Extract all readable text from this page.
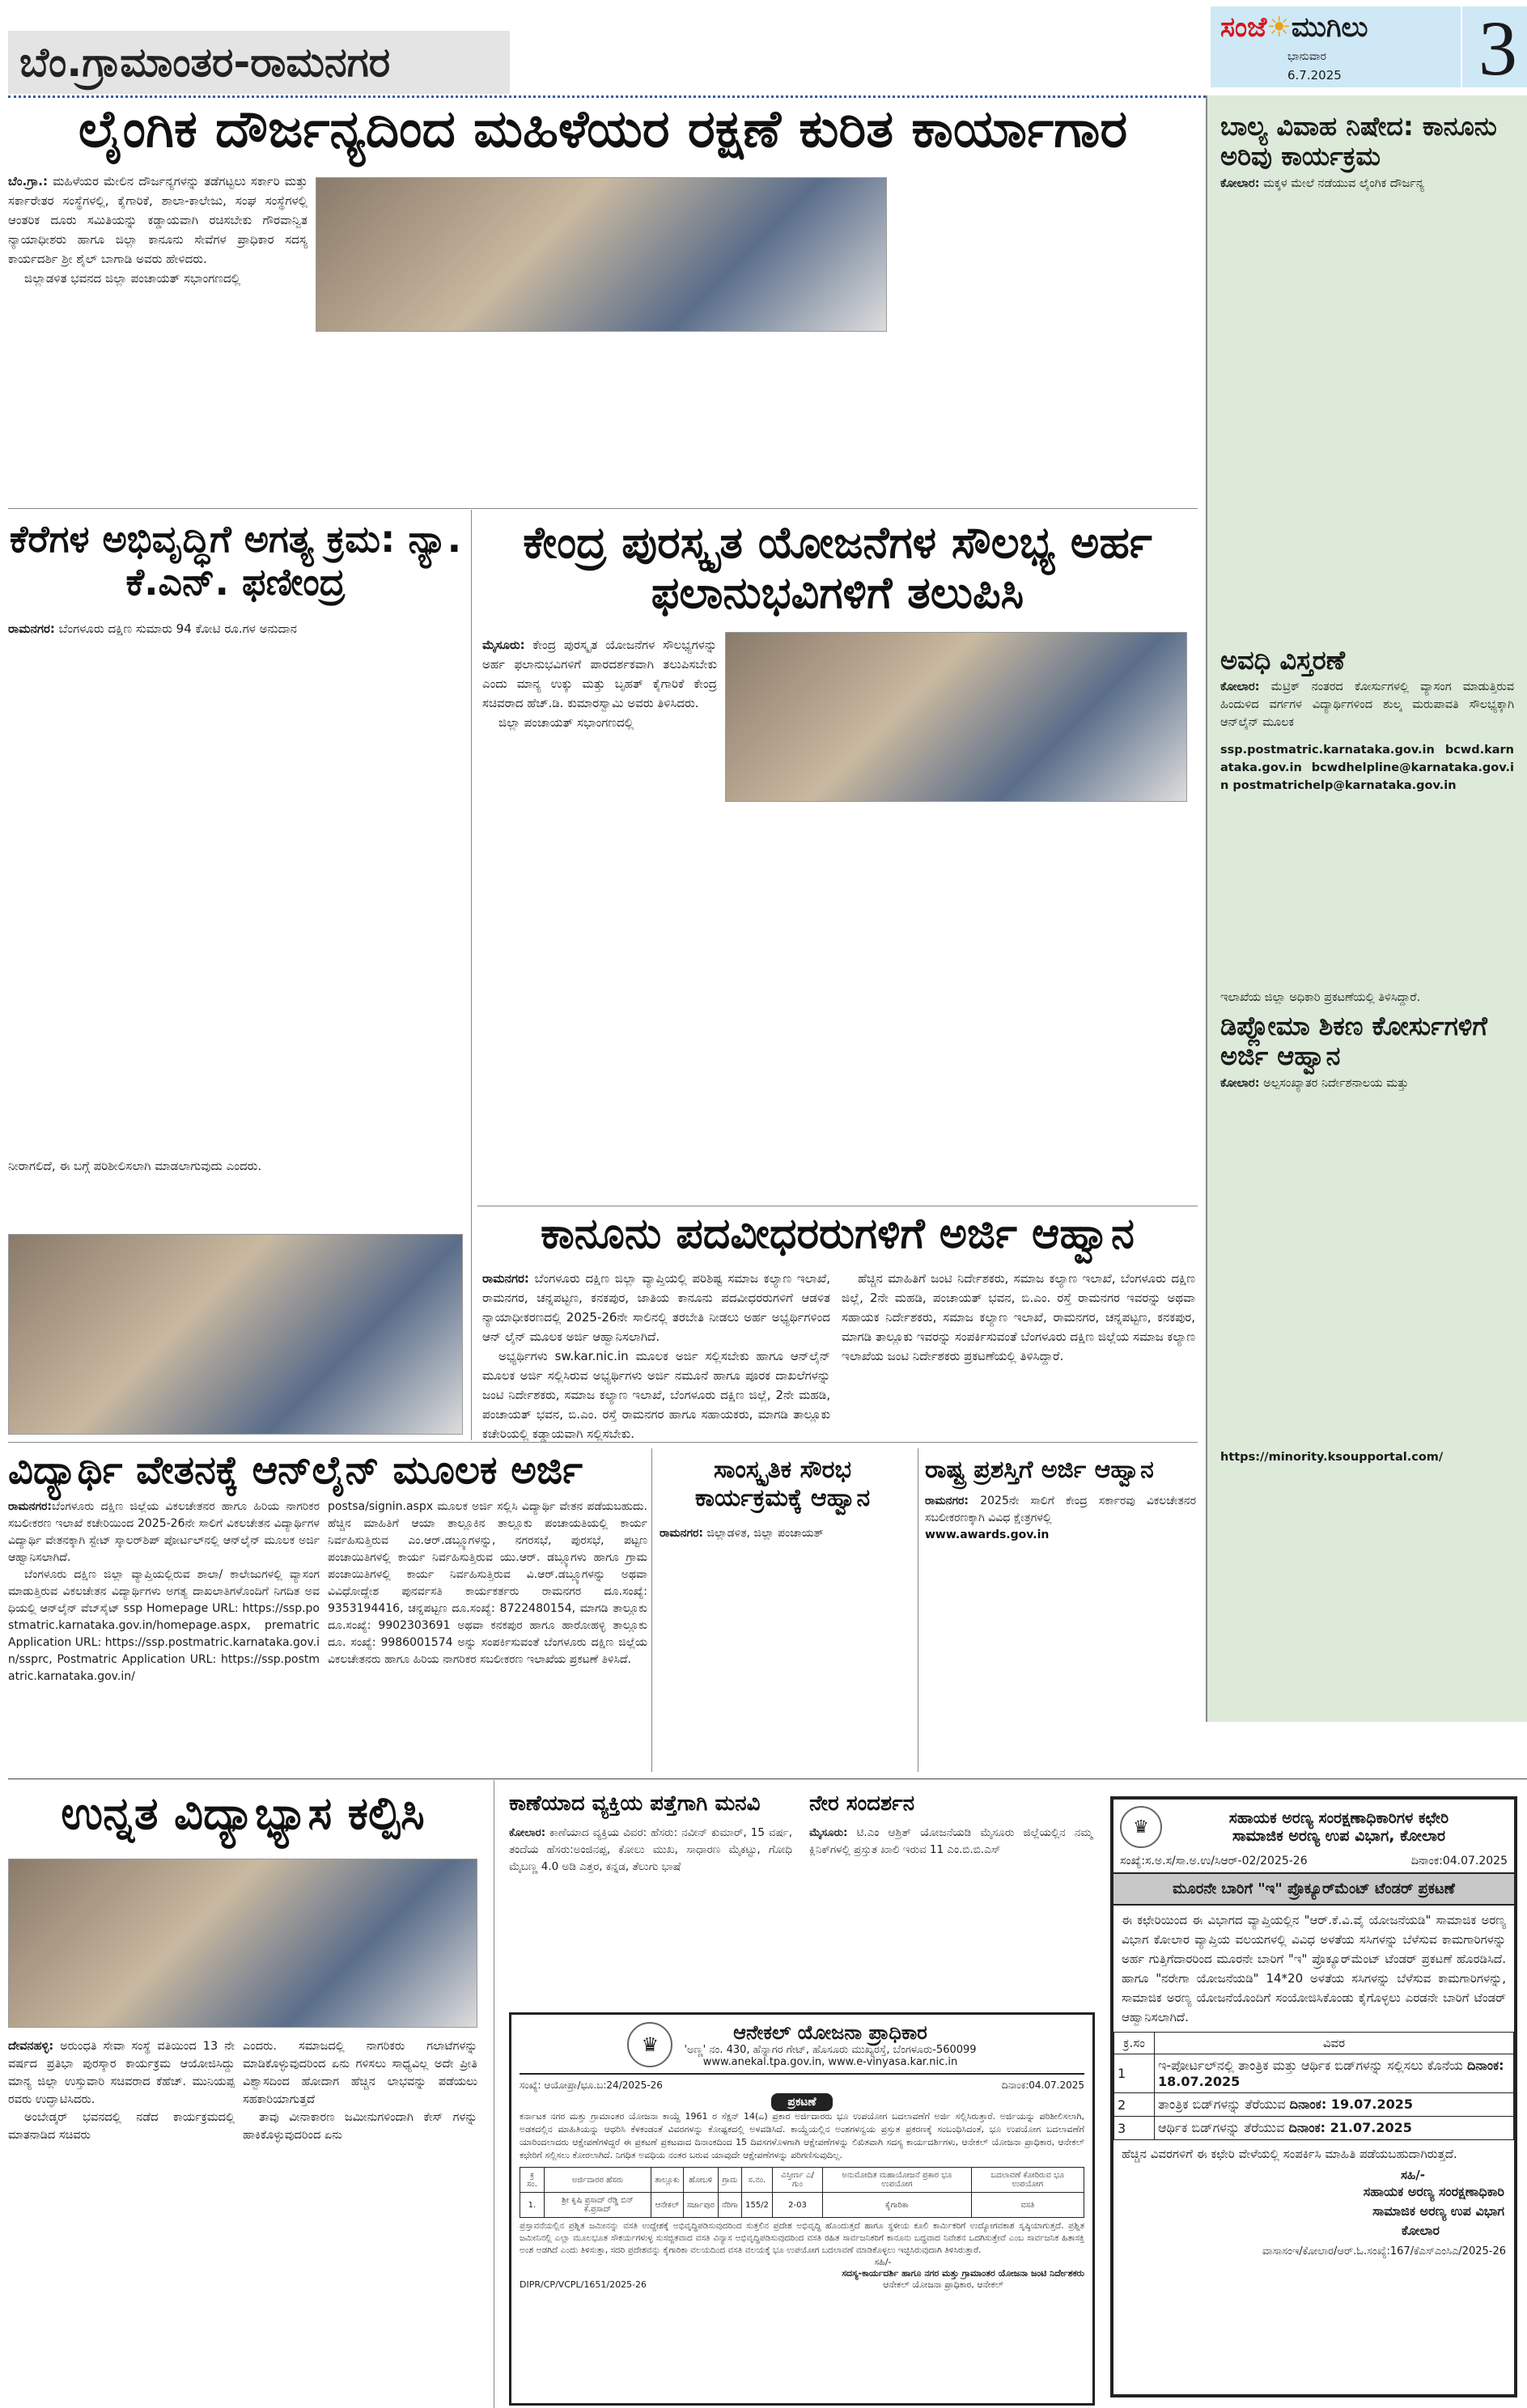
ಬೆಂ.ಗ್ರಾಮಾಂತರ-ರಾಮನಗರ
ಸಂಜೆ☀ಮುಗಿಲು
ಭಾನುವಾರ
6.7.2025 3
ಲೈಂಗಿಕ ದೌರ್ಜನ್ಯದಿಂದ ಮಹಿಳೆಯರ ರಕ್ಷಣೆ ಕುರಿತ ಕಾರ್ಯಾಗಾರ

ಬೆಂ.ಗ್ರಾ.: ಮಹಿಳೆಯರ ಮೇಲಿನ ದೌರ್ಜನ್ಯಗಳನ್ನು ತಡೆಗಟ್ಟಲು ಸರ್ಕಾರಿ ಮತ್ತು ಸರ್ಕಾರೇತರ ಸಂಸ್ಥೆಗಳಲ್ಲಿ, ಕೈಗಾರಿಕೆ, ಶಾಲಾ-ಕಾಲೇಜು, ಸಂಘ ಸಂಸ್ಥೆಗಳಲ್ಲಿ ಆಂತರಿಕ ದೂರು ಸಮಿತಿಯನ್ನು ಕಡ್ಡಾಯವಾಗಿ ರಚಿಸಬೇಕು ಗೌರವಾನ್ವಿತ ನ್ಯಾಯಾಧೀಶರು ಹಾಗೂ ಜಿಲ್ಲಾ ಕಾನೂನು ಸೇವೆಗಳ ಪ್ರಾಧಿಕಾರ ಸದಸ್ಯ ಕಾರ್ಯದರ್ಶಿ ಶ್ರೀ ಶೈಲ್ ಬಾಗಾಡಿ ಅವರು ಹೇಳಿದರು.

ಜಿಲ್ಲಾಡಳಿತ ಭವನದ ಜಿಲ್ಲಾ ಪಂಚಾಯತ್ ಸಭಾಂಗಣದಲ್ಲಿ

ಕೆರೆಗಳ ಅಭಿವೃದ್ಧಿಗೆ ಅಗತ್ಯ ಕ್ರಮ: ನ್ಯಾ. ಕೆ.ಎನ್. ಫಣೀಂದ್ರ

ರಾಮನಗರ: ಬೆಂಗಳೂರು ದಕ್ಷಿಣ ಸುಮಾರು 94 ಕೋಟಿ ರೂ.ಗಳ ಅನುದಾನ

ನೀರಾಗಲಿದೆ, ಈ ಬಗ್ಗೆ ಪರಿಶೀಲಿಸಲಾಗಿ ಮಾಡಲಾಗುವುದು ಎಂದರು.

ಕೇಂದ್ರ ಪುರಸ್ಕೃತ ಯೋಜನೆಗಳ ಸೌಲಭ್ಯ ಅರ್ಹ ಫಲಾನುಭವಿಗಳಿಗೆ ತಲುಪಿಸಿ

ಮೈಸೂರು: ಕೇಂದ್ರ ಪುರಸ್ಕೃತ ಯೋಜನೆಗಳ ಸೌಲಭ್ಯಗಳನ್ನು ಅರ್ಹ ಫಲಾನುಭವಿಗಳಿಗೆ ಪಾರದರ್ಶಕವಾಗಿ ತಲುಪಿಸಬೇಕು ಎಂದು ಮಾನ್ಯ ಉಕ್ಕು ಮತ್ತು ಬೃಹತ್ ಕೈಗಾರಿಕೆ ಕೇಂದ್ರ ಸಚಿವರಾದ ಹೆಚ್.ಡಿ. ಕುಮಾರಸ್ವಾಮಿ ಅವರು ತಿಳಿಸಿದರು.

ಜಿಲ್ಲಾ ಪಂಚಾಯತ್ ಸಭಾಂಗಣದಲ್ಲಿ

ಕಾನೂನು ಪದವೀಧರರುಗಳಿಗೆ ಅರ್ಜಿ ಆಹ್ವಾನ

ರಾಮನಗರ: ಬೆಂಗಳೂರು ದಕ್ಷಿಣ ಜಿಲ್ಲಾ ವ್ಯಾಪ್ತಿಯಲ್ಲಿ ಪರಿಶಿಷ್ಟ ಸಮಾಜ ಕಲ್ಯಾಣ ಇಲಾಖೆ, ರಾಮನಗರ, ಚನ್ನಪಟ್ಟಣ, ಕನಕಪುರ, ಜಾತಿಯ ಕಾನೂನು ಪದವೀಧರರುಗಳಿಗೆ ಆಡಳಿತ ನ್ಯಾಯಾಧೀಕರಣದಲ್ಲಿ 2025-26ನೇ ಸಾಲಿನಲ್ಲಿ ತರಬೇತಿ ನೀಡಲು ಅರ್ಹ ಅಭ್ಯರ್ಥಿಗಳಿಂದ ಆನ್ ಲೈನ್ ಮೂಲಕ ಅರ್ಜಿ ಆಹ್ವಾನಿಸಲಾಗಿದೆ.

ಅಭ್ಯರ್ಥಿಗಳು sw.kar.nic.in ಮೂಲಕ ಅರ್ಜಿ ಸಲ್ಲಿಸಬೇಕು ಹಾಗೂ ಆನ್‌ಲೈನ್ ಮೂಲಕ ಅರ್ಜಿ ಸಲ್ಲಿಸಿರುವ ಅಭ್ಯರ್ಥಿಗಳು ಅರ್ಜಿ ನಮೂನೆ ಹಾಗೂ ಪೂರಕ ದಾಖಲೆಗಳನ್ನು ಜಂಟಿ ನಿರ್ದೇಶಕರು, ಸಮಾಜ ಕಲ್ಯಾಣ ಇಲಾಖೆ, ಬೆಂಗಳೂರು ದಕ್ಷಿಣ ಜಿಲ್ಲೆ, 2ನೇ ಮಹಡಿ, ಪಂಚಾಯತ್ ಭವನ, ಬಿ.ಎಂ. ರಸ್ತೆ ರಾಮನಗರ ಹಾಗೂ ಸಹಾಯಕರು, ಮಾಗಡಿ ತಾಲ್ಲೂಕು ಕಚೇರಿಯಲ್ಲಿ ಕಡ್ಡಾಯವಾಗಿ ಸಲ್ಲಿಸಬೇಕು.

ಹೆಚ್ಚಿನ ಮಾಹಿತಿಗೆ ಜಂಟಿ ನಿರ್ದೇಶಕರು, ಸಮಾಜ ಕಲ್ಯಾಣ ಇಲಾಖೆ, ಬೆಂಗಳೂರು ದಕ್ಷಿಣ ಜಿಲ್ಲೆ, 2ನೇ ಮಹಡಿ, ಪಂಚಾಯತ್ ಭವನ, ಬಿ.ಎಂ. ರಸ್ತೆ ರಾಮನಗರ ಇವರನ್ನು ಅಥವಾ ಸಹಾಯಕ ನಿರ್ದೇಶಕರು, ಸಮಾಜ ಕಲ್ಯಾಣ ಇಲಾಖೆ, ರಾಮನಗರ, ಚನ್ನಪಟ್ಟಣ, ಕನಕಪುರ, ಮಾಗಡಿ ತಾಲ್ಲೂಕು ಇವರನ್ನು ಸಂಪರ್ಕಿಸುವಂತೆ ಬೆಂಗಳೂರು ದಕ್ಷಿಣ ಜಿಲ್ಲೆಯ ಸಮಾಜ ಕಲ್ಯಾಣ ಇಲಾಖೆಯ ಜಂಟಿ ನಿರ್ದೇಶಕರು ಪ್ರಕಟಣೆಯಲ್ಲಿ ತಿಳಿಸಿದ್ದಾರೆ.

ವಿದ್ಯಾರ್ಥಿ ವೇತನಕ್ಕೆ ಆನ್‌ಲೈನ್ ಮೂಲಕ ಅರ್ಜಿ

ರಾಮನಗರ:ಬೆಂಗಳೂರು ದಕ್ಷಿಣ ಜಿಲ್ಲೆಯ ವಿಕಲಚೇತನರ ಹಾಗೂ ಹಿರಿಯ ನಾಗರಿಕರ ಸಬಲೀಕರಣ ಇಲಾಖೆ ಕಚೇರಿಯಿಂದ 2025-26ನೇ ಸಾಲಿಗೆ ವಿಕಲಚೇತನ ವಿದ್ಯಾರ್ಥಿಗಳ ವಿದ್ಯಾರ್ಥಿ ವೇತನಕ್ಕಾಗಿ ಸ್ಟೇಟ್ ಸ್ಕಾಲರ್‌ಶಿಪ್ ಪೋರ್ಟಲ್‌ನಲ್ಲಿ ಆನ್‌ಲೈನ್ ಮೂಲಕ ಅರ್ಜಿ ಆಹ್ವಾನಿಸಲಾಗಿದೆ.

ಬೆಂಗಳೂರು ದಕ್ಷಿಣ ಜಿಲ್ಲಾ ವ್ಯಾಪ್ತಿಯಲ್ಲಿರುವ ಶಾಲಾ/ ಕಾಲೇಜುಗಳಲ್ಲಿ ವ್ಯಾಸಂಗ ಮಾಡುತ್ತಿರುವ ವಿಕಲಚೇತನ ವಿದ್ಯಾರ್ಥಿಗಳು ಅಗತ್ಯ ದಾಖಲಾತಿಗಳೊಂದಿಗೆ ನಿಗದಿತ ಅವಧಿಯಲ್ಲಿ ಆನ್‌ಲೈನ್ ವೆಬ್‌ಸೈಟ್ ssp Homepage URL: https://ssp.postmatric.karnataka.gov.in/homepage.aspx, prematric Application URL: https://ssp.postmatric.karnataka.gov.in/ssprc, Postmatric Application URL: https://ssp.postmatric.karnataka.gov.in/

postsa/signin.aspx ಮೂಲಕ ಅರ್ಜಿ ಸಲ್ಲಿಸಿ ವಿದ್ಯಾರ್ಥಿ ವೇತನ ಪಡೆಯಬಹುದು. ಹೆಚ್ಚಿನ ಮಾಹಿತಿಗೆ ಆಯಾ ತಾಲ್ಲೂಕಿನ ತಾಲ್ಲೂಕು ಪಂಚಾಯತಿಯಲ್ಲಿ ಕಾರ್ಯ ನಿರ್ವಹಿಸುತ್ತಿರುವ ಎಂ.ಆರ್.ಡಬ್ಲ್ಯೂಗಳನ್ನು, ನಗರಸಭೆ, ಪುರಸಭೆ, ಪಟ್ಟಣ ಪಂಚಾಯಿತಿಗಳಲ್ಲಿ ಕಾರ್ಯ ನಿರ್ವಹಿಸುತ್ತಿರುವ ಯು.ಆರ್. ಡಬ್ಲ್ಯೂಗಳು ಹಾಗೂ ಗ್ರಾಮ ಪಂಚಾಯಿತಿಗಳಲ್ಲಿ ಕಾರ್ಯ ನಿರ್ವಹಿಸುತ್ತಿರುವ ವಿ.ಆರ್.ಡಬ್ಲ್ಯೂಗಳನ್ನು ಅಥವಾ ವಿವಿಧೋದ್ದೇಶ ಪುನರ್ವಸತಿ ಕಾರ್ಯಕರ್ತರು ರಾಮನಗರ ದೂ.ಸಂಖ್ಯೆ: 9353194416, ಚನ್ನಪಟ್ಟಣ ದೂ.ಸಂಖ್ಯೆ: 8722480154, ಮಾಗಡಿ ತಾಲ್ಲೂಕು ದೂ.ಸಂಖ್ಯೆ: 9902303691 ಅಥವಾ ಕನಕಪುರ ಹಾಗೂ ಹಾರೋಹಳ್ಳಿ ತಾಲ್ಲೂಕು ದೂ. ಸಂಖ್ಯೆ: 9986001574 ಅನ್ನು ಸಂಪರ್ಕಿಸುವಂತೆ ಬೆಂಗಳೂರು ದಕ್ಷಿಣ ಜಿಲ್ಲೆಯ ವಿಕಲಚೇತನರು ಹಾಗೂ ಹಿರಿಯ ನಾಗರಿಕರ ಸಬಲೀಕರಣ ಇಲಾಖೆಯ ಪ್ರಕಟಣೆ ತಿಳಿಸಿದೆ.

ಸಾಂಸ್ಕೃತಿಕ ಸೌರಭ ಕಾರ್ಯಕ್ರಮಕ್ಕೆ ಆಹ್ವಾನ

ರಾಮನಗರ: ಜಿಲ್ಲಾಡಳಿತ, ಜಿಲ್ಲಾ ಪಂಚಾಯತ್

ರಾಷ್ಟ್ರ ಪ್ರಶಸ್ತಿಗೆ ಅರ್ಜಿ ಆಹ್ವಾನ

ರಾಮನಗರ: 2025ನೇ ಸಾಲಿಗೆ ಕೇಂದ್ರ ಸರ್ಕಾರವು ವಿಕಲಚೇತನರ ಸಬಲೀಕರಣಕ್ಕಾಗಿ ವಿವಿಧ ಕ್ಷೇತ್ರಗಳಲ್ಲಿ

www.awards.gov.in

ಬಾಲ್ಯ ವಿವಾಹ ನಿಷೇದ: ಕಾನೂನು ಅರಿವು ಕಾರ್ಯಕ್ರಮ
ಕೋಲಾರ: ಮಕ್ಕಳ ಮೇಲೆ ನಡೆಯುವ ಲೈಂಗಿಕ ದೌರ್ಜನ್ಯ
ಅವಧಿ ವಿಸ್ತರಣೆ
ಕೋಲಾರ: ಮೆಟ್ರಿಕ್ ನಂತರದ ಕೋರ್ಸುಗಳಲ್ಲಿ ವ್ಯಾಸಂಗ ಮಾಡುತ್ತಿರುವ ಹಿಂದುಳಿದ ವರ್ಗಗಳ ವಿದ್ಯಾರ್ಥಿಗಳಿಂದ ಶುಲ್ಕ ಮರುಪಾವತಿ ಸೌಲಭ್ಯಕ್ಕಾಗಿ ಆನ್‌ಲೈನ್ ಮೂಲಕ
ssp.postmatric.karnataka.gov.in bcwd.karnataka.gov.in bcwdhelpline@karnataka.gov.in postmatrichelp@karnataka.gov.in
ಇಲಾಖೆಯ ಜಿಲ್ಲಾ ಅಧಿಕಾರಿ ಪ್ರಕಟಣೆಯಲ್ಲಿ ತಿಳಿಸಿದ್ದಾರೆ.
ಡಿಪ್ಲೋಮಾ ಶಿಕಣ ಕೋರ್ಸುಗಳಿಗೆ ಅರ್ಜಿ ಆಹ್ವಾನ
ಕೋಲಾರ: ಅಲ್ಪಸಂಖ್ಯಾತರ ನಿರ್ದೇಶನಾಲಯ ಮತ್ತು
https://minority.ksoupportal.com/
ಉನ್ನತ ವಿದ್ಯಾಭ್ಯಾಸ ಕಲ್ಪಿಸಿ

ದೇವನಹಳ್ಳಿ: ಅರುಂಧತಿ ಸೇವಾ ಸಂಸ್ಥೆ ವತಿಯಿಂದ 13 ನೇ ವರ್ಷದ ಪ್ರತಿಭಾ ಪುರಸ್ಕಾರ ಕಾರ್ಯಕ್ರಮ ಆಯೋಜಿಸಿದ್ದು ಮಾನ್ಯ ಜಿಲ್ಲಾ ಉಸ್ತುವಾರಿ ಸಚಿವರಾದ ಕೆಹೆಚ್. ಮುನಿಯಪ್ಪ ರವರು ಉದ್ಘಾಟಿಸಿದರು.

ಅಂಬೇಡ್ಕರ್ ಭವನದಲ್ಲಿ ನಡೆದ ಕಾರ್ಯಕ್ರಮದಲ್ಲಿ ಮಾತನಾಡಿದ ಸಚಿವರು

ಎಂದರು. ಸಮಾಜದಲ್ಲಿ ನಾಗರಿಕರು ಗಲಾಟೆಗಳನ್ನು ಮಾಡಿಕೊಳ್ಳುವುದರಿಂದ ಏನು ಗಳಿಸಲು ಸಾಧ್ಯವಿಲ್ಲ ಅದೇ ಪ್ರೀತಿ ವಿಶ್ವಾಸದಿಂದ ಹೋದಾಗ ಹೆಚ್ಚಿನ ಲಾಭವನ್ನು ಪಡೆಯಲು ಸಹಕಾರಿಯಾಗುತ್ತದೆ

ತಾವು ವೀನಾಕಾರಣ ಜಮೀನುಗಳಿಂದಾಗಿ ಕೇಸ್ ಗಳನ್ನು ಹಾಕಿಕೊಳ್ಳುವುದರಿಂದ ಏನು

ಕಾಣೆಯಾದ ವ್ಯಕ್ತಿಯ ಪತ್ತೆಗಾಗಿ ಮನವಿ

ಕೋಲಾರ: ಕಾಣೆಯಾದ ವ್ಯಕ್ತಿಯ ವಿವರ: ಹೆಸರು: ನವೀನ್ ಕುಮಾರ್, 15 ವರ್ಷ, ತಂದೆಯ ಹೆಸರು:ಅಂಜಿನಪ್ಪ, ಕೋಲು ಮುಖ, ಸಾಧಾರಣ ಮೈಕಟ್ಟು, ಗೋಧಿ ಮೈಬಣ್ಣ 4.0 ಅಡಿ ಎತ್ತರ, ಕನ್ನಡ, ತೆಲುಗು ಭಾಷೆ

ನೇರ ಸಂದರ್ಶನ

ಮೈಸೂರು: ಟಿ.ಎಂ ಆಶ್ರಿತ್ ಯೋಜನೆಯಡಿ ಮೈಸೂರು ಜಿಲ್ಲೆಯಲ್ಲಿನ ನಮ್ಮ ಕ್ಲಿನಿಕ್‌ಗಳಲ್ಲಿ ಪ್ರಸ್ತುತ ಖಾಲಿ ಇರುವ 11 ಎಂ.ಬಿ.ಬಿ.ಎಸ್

♛
ಆನೇಕಲ್ ಯೋಜನಾ ಪ್ರಾಧಿಕಾರ
'ಅಣ್ಣ' ನಂ. 430, ಹೆನ್ನಾಗರ ಗೇಟ್, ಹೊಸೂರು ಮುಖ್ಯರಸ್ತೆ, ಬೆಂಗಳೂರು-560099
www.anekal.tpa.gov.in, www.e-vinyasa.kar.nic.in
ಸಂಖ್ಯೆ: ಆಯೋಪ್ರಾ/ಭೂ.ಬ:24/2025-26	ದಿನಾಂಕ:04.07.2025
ಪ್ರಕಟಣೆ
ಕರ್ನಾಟಕ ನಗರ ಮತ್ತು ಗ್ರಾಮಾಂತರ ಯೋಜನಾ ಕಾಯ್ದೆ 1961 ರ ಸೆಕ್ಷನ್ 14(ಎ) ಪ್ರಕಾರ ಅರ್ಜಿದಾರರು ಭೂ ಉಪಯೋಗ ಬದಲಾವಣೆಗೆ ಅರ್ಜಿ ಸಲ್ಲಿಸಿರುತ್ತಾರೆ. ಅರ್ಜಿಯನ್ನು ಪರಿಶೀಲಿಸಲಾಗಿ, ಅಡಕದಲ್ಲಿನ ಮಾಹಿತಿಯನ್ನು ಆಧರಿಸಿ ಕೆಳಕಂಡಂತೆ ವಿವರಗಳನ್ನು ಕೋಷ್ಟಕದಲ್ಲಿ ಅಳವಡಿಸಿದೆ. ಕಾಯ್ದೆಯಲ್ಲಿನ ಅಂಶಗಳನ್ವಯ ಪ್ರಸ್ತುತ ಪ್ರಕರಣಕ್ಕೆ ಸಂಬಂಧಿಸಿದಂತೆ, ಭೂ ಉಪಯೋಗ ಬದಲಾವಣೆಗೆ ಯಾರಿಂದಲಾದರು ಆಕ್ಷೇಪಣೆಗಳಿದ್ದರೆ ಈ ಪ್ರಕಟಣೆ ಪ್ರಕಟವಾದ ದಿನಾಂಕದಿಂದ 15 ದಿವಸಗಳೊಳಗಾಗಿ ಆಕ್ಷೇಪಣೆಗಳನ್ನು ಲಿಖಿತವಾಗಿ ಸದಸ್ಯ ಕಾರ್ಯದರ್ಶಿಗಳು, ಆನೇಕಲ್ ಯೋಜನಾ ಪ್ರಾಧಿಕಾರ, ಆನೇಕಲ್ ಕಛೇರಿಗೆ ಸಲ್ಲಿಸಲು ಕೋರಲಾಗಿದೆ. ನಿಗಧಿತ ಅವಧಿಯ ನಂತರ ಬರುವ ಯಾವುದೇ ಆಕ್ಷೇಪಣೆಗಳನ್ನು ಪರಿಗಣಿಸುವುದಿಲ್ಲ.
ಕ್ರ ಸಂ.	ಅರ್ಜಿದಾರರ ಹೆಸರು	ತಾಲ್ಲೂಕು	ಹೋಬಳಿ	ಗ್ರಾಮ	ಸ.ನಂ.	ವಿಸ್ತೀರ್ಣ ಎ/ಗುಂ	ಅನುಮೋದಿತ ಮಹಾಯೋಜನೆ ಪ್ರಕಾರ ಭೂ ಉಪಯೋಗ	ಬದಲಾವಣೆ ಕೋರಿರುವ ಭೂ ಉಪಯೋಗ
1.	ಶ್ರೀ ಕೃಷಿ ಪ್ರಸಾದ್ ರೆಡ್ಡಿ ಬಿನ್ ಕೆ.ಪ್ರಸಾದ್	ಆನೇಕಲ್	ಸರ್ಜಾಪುರ	ನೆರಿಗಾ	155/2	2-03	ಕೈಗಾರಿಕಾ	ವಸತಿ
ಪ್ರಸ್ತಾವನೆಯಲ್ಲಿನ ಪ್ರಶ್ನಿತ ಜಮೀನನ್ನು ವಸತಿ ಉದ್ದೇಶಕ್ಕೆ ಅಭಿವೃದ್ಧಿಪಡಿಸುವುದರಿಂದ ಸುತ್ತಲಿನ ಪ್ರದೇಶ ಅಭಿವೃದ್ಧಿ ಹೊಂದುತ್ತದೆ ಹಾಗೂ ಸ್ಥಳೀಯ ಕೂಲಿ ಕಾರ್ಮಿಕರಿಗೆ ಉದ್ಯೋಗವಕಾಶ ಸೃಷ್ಠಿಯಾಗುತ್ತದೆ. ಪ್ರಶ್ನಿತ ಜಮೀನಿನಲ್ಲಿ ಎಲ್ಲಾ ಮೂಲಭೂತ ಸೌಕರ್ಯಗಳುಳ್ಳ ಸುಸಜ್ಜಿತವಾದ ವಸತಿ ವಿನ್ಯಾಸ ಅಭಿವೃದ್ಧಿಪಡಿಸುವುದರಿಂದ ವಸತಿ ರಹಿತ ಸಾರ್ವಜನಿಕರಿಗೆ ಕಾನೂನು ಬದ್ಧವಾದ ನಿವೇಶನ ಒದಗಿಸುತ್ತೇವೆ ಎಂಬ ಸಾರ್ವಜನಿಕ ಹಿತಾಸಕ್ತಿ ಅಂಶ ಅಡಗಿದೆ ಎಂದು ತಿಳಿಸುತ್ತಾ, ಸದರಿ ಪ್ರದೇಶವನ್ನು ಕೈಗಾರಿಕಾ ವಲಯದಿಂದ ವಸತಿ ವಲಯಕ್ಕೆ ಭೂ ಉಪಯೋಗ ಬದಲಾವಣೆ ಮಾಡಿಕೊಳ್ಳಲು ಇಚ್ಛಿಸಿರುವುದಾಗಿ ತಿಳಿಸಿರುತ್ತಾರೆ.
ಸಹಿ/-
ಸದಸ್ಯ-ಕಾರ್ಯದರ್ಶಿ ಹಾಗೂ ನಗರ ಮತ್ತು ಗ್ರಾಮಾಂತರ ಯೋಜನಾ ಜಂಟಿ ನಿರ್ದೇಶಕರು
DIPR/CP/VCPL/1651/2025-26	ಆನೇಕಲ್ ಯೋಜನಾ ಪ್ರಾಧಿಕಾರ, ಆನೇಕಲ್
♛	ಸಹಾಯಕ ಅರಣ್ಯ ಸಂರಕ್ಷಣಾಧಿಕಾರಿಗಳ ಕಛೇರಿ
ಸಾಮಾಜಿಕ ಅರಣ್ಯ ಉಪ ವಿಭಾಗ, ಕೋಲಾರ
ಸಂಖ್ಯೆ:ಸ.ಅ.ಸ/ಸಾ.ಅ.ಉ/ಸಿಆರ್-02/2025-26	ದಿನಾಂಕ:04.07.2025
ಮೂರನೇ ಬಾರಿಗೆ "ಇ" ಪ್ರೊಕ್ಯೂರ್‌ಮೆಂಟ್ ಟೆಂಡರ್ ಪ್ರಕಟಣೆ
ಈ ಕಛೇರಿಯಿಂದ ಈ ವಿಭಾಗದ ವ್ಯಾಪ್ತಿಯಲ್ಲಿನ "ಆರ್.ಕೆ.ವಿ.ವೈ ಯೋಜನೆಯಡಿ" ಸಾಮಾಜಿಕ ಅರಣ್ಯ ವಿಭಾಗ ಕೋಲಾರ ವ್ಯಾಪ್ತಿಯ ವಲಯಗಳಲ್ಲಿ ವಿವಿಧ ಅಳತೆಯ ಸಸಿಗಳನ್ನು ಬೆಳೆಸುವ ಕಾಮಗಾರಿಗಳನ್ನು ಅರ್ಹ ಗುತ್ತಿಗೆದಾರರಿಂದ ಮೂರನೇ ಬಾರಿಗೆ "ಇ" ಪ್ರೊಕ್ಯೂರ್‌ಮೆಂಟ್ ಟೆಂಡರ್ ಪ್ರಕಟಣೆ ಹೊರಡಿಸಿದೆ. ಹಾಗೂ "ನರೇಗಾ ಯೋಜನೆಯಡಿ" 14*20 ಅಳತೆಯ ಸಸಿಗಳನ್ನು ಬೆಳೆಸುವ ಕಾಮಗಾರಿಗಳನ್ನು, ಸಾಮಾಜಿಕ ಅರಣ್ಯ ಯೋಜನೆಯೊಂದಿಗೆ ಸಂಯೋಜಿಸಿಕೊಂಡು ಕೈಗೊಳ್ಳಲು ಎರಡನೇ ಬಾರಿಗೆ ಟೆಂಡರ್ ಆಹ್ವಾನಿಸಲಾಗಿದೆ.
ಕ್ರ.ಸಂ	ವಿವರ
1	ಇ-ಪೋರ್ಟಲ್‌ನಲ್ಲಿ ತಾಂತ್ರಿಕ ಮತ್ತು ಆರ್ಥಿಕ ಬಿಡ್‌ಗಳನ್ನು ಸಲ್ಲಿಸಲು ಕೊನೆಯ ದಿನಾಂಕ: 18.07.2025
2	ತಾಂತ್ರಿಕ ಬಿಡ್‌ಗಳನ್ನು ತೆರೆಯುವ ದಿನಾಂಕ: 19.07.2025
3	ಆರ್ಥಿಕ ಬಿಡ್‌ಗಳನ್ನು ತೆರೆಯುವ ದಿನಾಂಕ: 21.07.2025
ಹೆಚ್ಚಿನ ವಿವರಗಳಿಗೆ ಈ ಕಛೇರಿ ವೇಳೆಯಲ್ಲಿ ಸಂಪರ್ಕಿಸಿ ಮಾಹಿತಿ ಪಡೆಯಬಹುದಾಗಿರುತ್ತದೆ.
ಸಹಿ/-
ಸಹಾಯಕ ಅರಣ್ಯ ಸಂರಕ್ಷಣಾಧಿಕಾರಿ
ಸಾಮಾಜಿಕ ಅರಣ್ಯ ಉಪ ವಿಭಾಗ
ಕೋಲಾರ
ವಾಸಾಸಂಇ/ಕೋಲಾರ/ಆರ್.ಓ.ಸಂಖ್ಯೆ:167/ಕೆಎಸ್ಎಂಸಿಎ/2025-26
